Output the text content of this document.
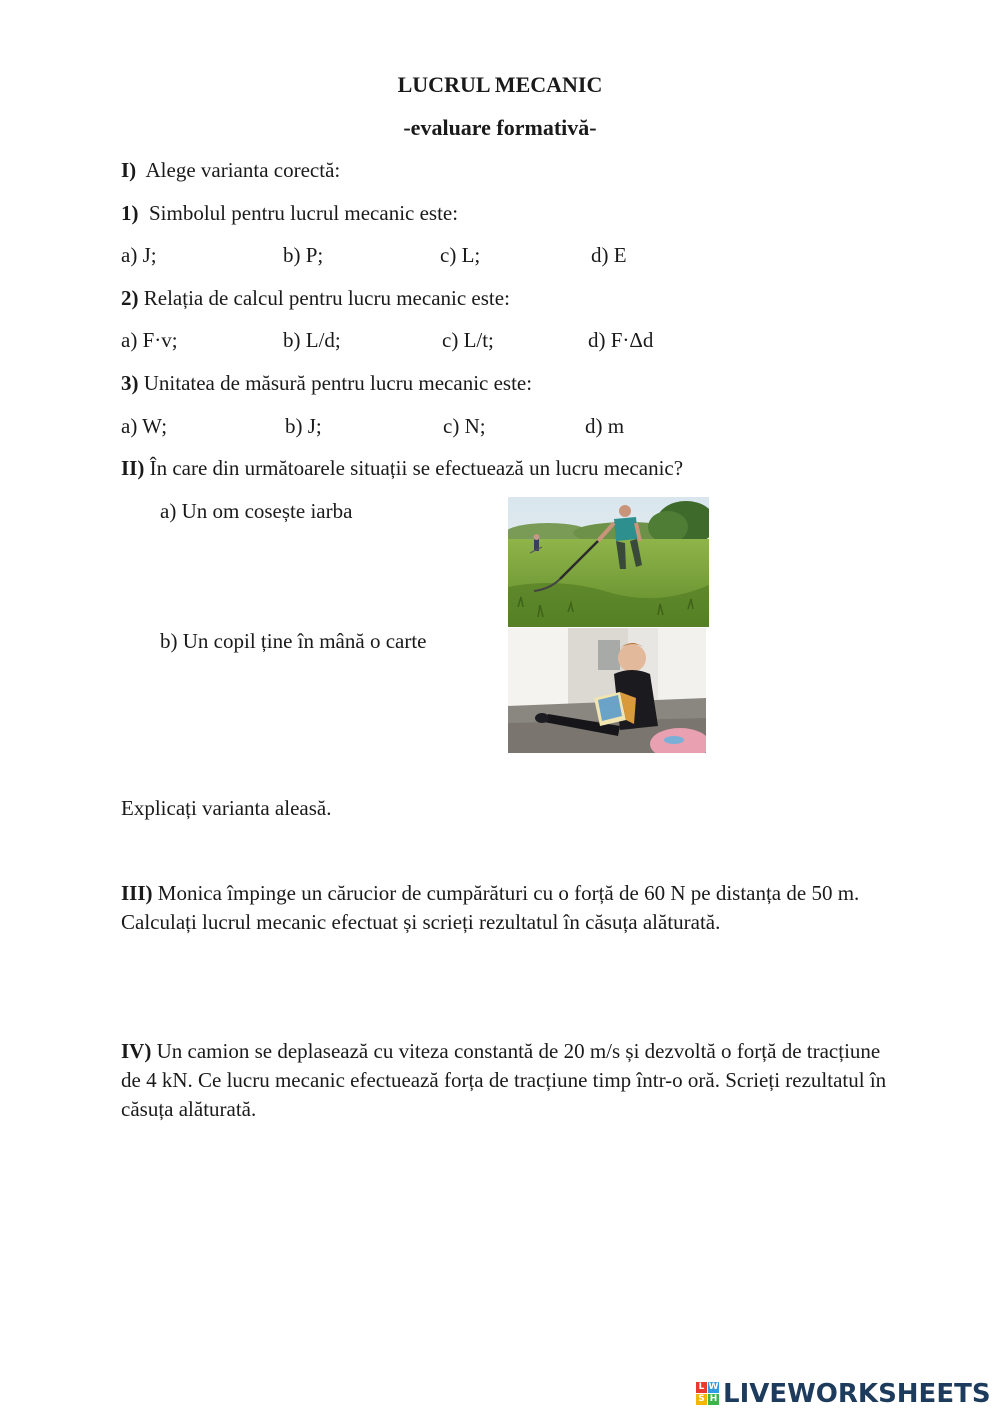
LUCRUL MECANIC
-evaluare formativă-
I) Alege varianta corectă:
1) Simbolul pentru lucrul mecanic este:
a) J;	b) P;	c) L;	d) E
2) Relația de calcul pentru lucru mecanic este:
a) F·v;	b) L/d;	c) L/t;	d) F·Δd
3) Unitatea de măsură pentru lucru mecanic este:
a) W;	b) J;	c) N;	d) m
II) În care din următoarele situații se efectuează un lucru mecanic?
a) Un om cosește iarba
b) Un copil ține în mână o carte
Explicați varianta aleasă.
III) Monica împinge un cărucior de cumpărături cu o forță de 60 N pe distanța de 50 m. Calculați lucrul mecanic efectuat și scrieți rezultatul în căsuța alăturată.
IV) Un camion se deplasează cu viteza constantă de 20 m/s și dezvoltă o forță de tracțiune de 4 kN. Ce lucru mecanic efectuează forța de tracțiune timp într-o oră. Scrieți rezultatul în căsuța alăturată.
L W
S H LIVEWORKSHEETS
